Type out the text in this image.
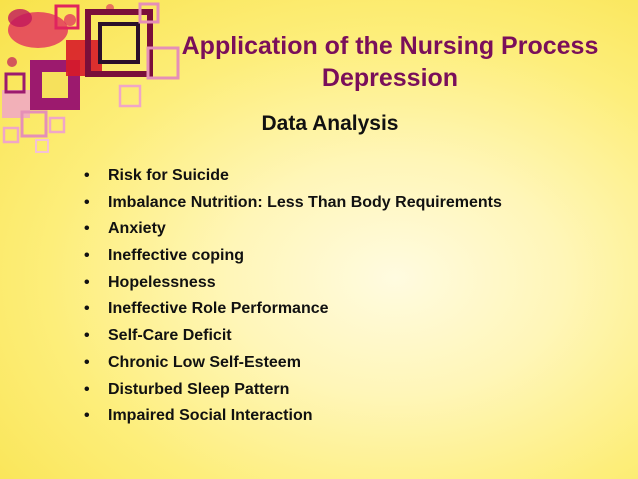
Application of the Nursing Process
Depression
Data Analysis
• Risk for Suicide
• Imbalance Nutrition: Less Than Body Requirements
• Anxiety
• Ineffective coping
• Hopelessness
• Ineffective Role Performance
• Self-Care Deficit
• Chronic Low Self-Esteem
• Disturbed Sleep Pattern
• Impaired Social Interaction
